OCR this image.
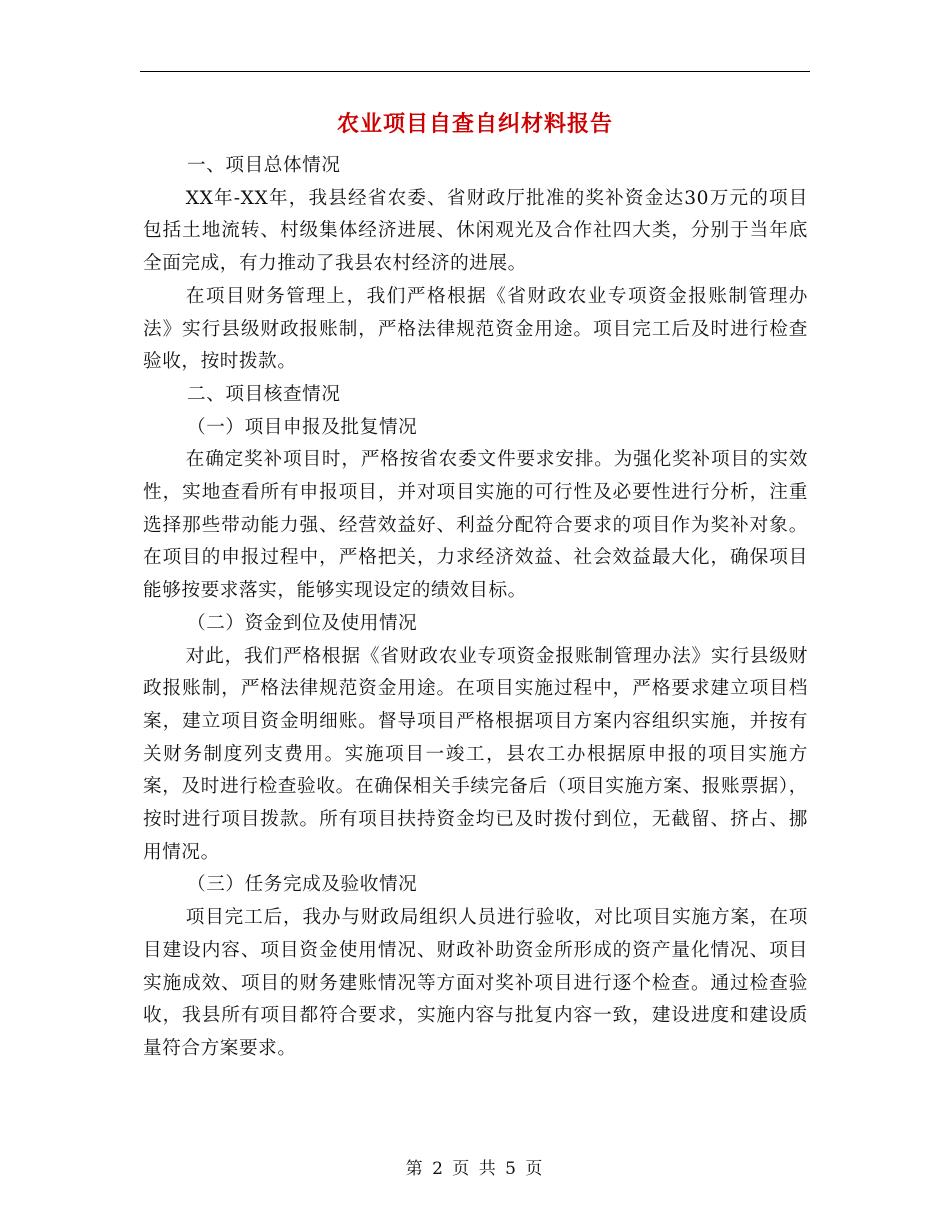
农业项目自查自纠材料报告

一、项目总体情况

XX年-XX年，我县经省农委、省财政厅批准的奖补资金达30万元的项目包括土地流转、村级集体经济进展、休闲观光及合作社四大类，分别于当年底全面完成，有力推动了我县农村经济的进展。

在项目财务管理上，我们严格根据《省财政农业专项资金报账制管理办法》实行县级财政报账制，严格法律规范资金用途。项目完工后及时进行检查验收，按时拨款。

二、项目核查情况

（一）项目申报及批复情况

在确定奖补项目时，严格按省农委文件要求安排。为强化奖补项目的实效性，实地查看所有申报项目，并对项目实施的可行性及必要性进行分析，注重选择那些带动能力强、经营效益好、利益分配符合要求的项目作为奖补对象。在项目的申报过程中，严格把关，力求经济效益、社会效益最大化，确保项目能够按要求落实，能够实现设定的绩效目标。

（二）资金到位及使用情况

对此，我们严格根据《省财政农业专项资金报账制管理办法》实行县级财政报账制，严格法律规范资金用途。在项目实施过程中，严格要求建立项目档案，建立项目资金明细账。督导项目严格根据项目方案内容组织实施，并按有关财务制度列支费用。实施项目一竣工，县农工办根据原申报的项目实施方案，及时进行检查验收。在确保相关手续完备后（项目实施方案、报账票据），按时进行项目拨款。所有项目扶持资金均已及时拨付到位，无截留、挤占、挪用情况。

（三）任务完成及验收情况

项目完工后，我办与财政局组织人员进行验收，对比项目实施方案，在项目建设内容、项目资金使用情况、财政补助资金所形成的资产量化情况、项目实施成效、项目的财务建账情况等方面对奖补项目进行逐个检查。通过检查验收，我县所有项目都符合要求，实施内容与批复内容一致，建设进度和建设质量符合方案要求。

第 2 页 共 5 页
